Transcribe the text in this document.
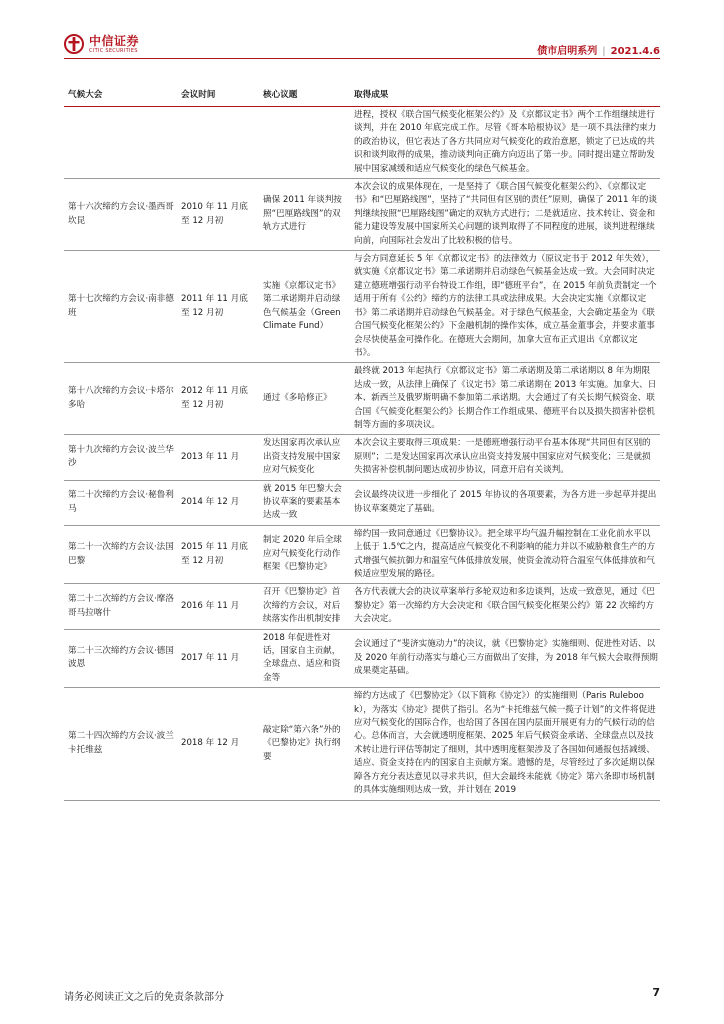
中信证券
CITIC SECURITIES	债市启明系列 | 2021.4.6
气候大会	会议时间	核心议题	取得成果
			进程，授权《联合国气候变化框架公约》及《京都议定书》两个工作组继续进行谈判，并在 2010 年底完成工作。尽管《哥本哈根协议》是一项不具法律约束力的政治协议，但它表达了各方共同应对气候变化的政治意愿，锁定了已达成的共识和谈判取得的成果，推动谈判向正确方向迈出了第一步。同时提出建立帮助发展中国家减缓和适应气候变化的绿色气候基金。
第十六次缔约方会议·墨西哥坎昆	2010 年 11 月底至 12 月初	确保 2011 年谈判按照“巴厘路线图”的双轨方式进行	本次会议的成果体现在，一是坚持了《联合国气候变化框架公约》、《京都议定书》和“巴厘路线图”，坚持了“共同但有区别的责任”原则，确保了 2011 年的谈判继续按照“巴厘路线图”确定的双轨方式进行；二是就适应、技术转让、资金和能力建设等发展中国家所关心问题的谈判取得了不同程度的进展，谈判进程继续向前，向国际社会发出了比较积极的信号。
第十七次缔约方会议·南非德班	2011 年 11 月底至 12 月初	实施《京都议定书》第二承诺期并启动绿色气候基金（Green Climate Fund）	与会方同意延长 5 年《京都议定书》的法律效力（原议定书于 2012 年失效），就实施《京都议定书》第二承诺期并启动绿色气候基金达成一致。大会同时决定建立德班增强行动平台特设工作组，即“德班平台”，在 2015 年前负责制定一个适用于所有《公约》缔约方的法律工具或法律成果。大会决定实施《京都议定书》第二承诺期并启动绿色气候基金。对于绿色气候基金，大会确定基金为《联合国气候变化框架公约》下金融机制的操作实体，成立基金董事会，并要求董事会尽快使基金可操作化。在德班大会期间，加拿大宣布正式退出《京都议定书》。
第十八次缔约方会议·卡塔尔多哈	2012 年 11 月底至 12 月初	通过《多哈修正》	最终就 2013 年起执行《京都议定书》第二承诺期及第二承诺期以 8 年为期限达成一致，从法律上确保了《议定书》第二承诺期在 2013 年实施。加拿大、日本、新西兰及俄罗斯明确不参加第二承诺期。大会通过了有关长期气候资金、联合国《气候变化框架公约》长期合作工作组成果、德班平台以及损失损害补偿机制等方面的多项决议。
第十九次缔约方会议·波兰华沙	2013 年 11 月	发达国家再次承认应出资支持发展中国家应对气候变化	本次会议主要取得三项成果：一是德班增强行动平台基本体现“共同但有区别的原则”；二是发达国家再次承认应出资支持发展中国家应对气候变化；三是就损失损害补偿机制问题达成初步协议，同意开启有关谈判。
第二十次缔约方会议·秘鲁利马	2014 年 12 月	就 2015 年巴黎大会协议草案的要素基本达成一致	会议最终决议进一步细化了 2015 年协议的各项要素，为各方进一步起草并提出协议草案奠定了基础。
第二十一次缔约方会议·法国巴黎	2015 年 11 月底至 12 月初	制定 2020 年后全球应对气候变化行动作框架《巴黎协定》	缔约国一致同意通过《巴黎协议》。把全球平均气温升幅控制在工业化前水平以上低于 1.5℃之内，提高适应气候变化不利影响的能力并以不威胁粮食生产的方式增强气候抗御力和温室气体低排放发展，使资金流动符合温室气体低排放和气候适应型发展的路径。
第二十二次缔约方会议·摩洛哥马拉喀什	2016 年 11 月	召开《巴黎协定》首次缔约方会议，对后续落实作出机制安排	各方代表就大会的决议草案举行多轮双边和多边谈判，达成一致意见，通过《巴黎协定》第一次缔约方大会决定和《联合国气候变化框架公约》第 22 次缔约方大会决定。
第二十三次缔约方会议·德国波恩	2017 年 11 月	2018 年促进性对话，国家自主贡献，全球盘点、适应和资金等	会议通过了“斐济实施动力”的决议，就《巴黎协定》实施细则、促进性对话、以及 2020 年前行动落实与雄心三方面做出了安排，为 2018 年气候大会取得预期成果奠定基础。
第二十四次缔约方会议·波兰卡托维兹	2018 年 12 月	敲定除“第六条”外的《巴黎协定》执行纲要	缔约方达成了《巴黎协定》（以下简称《协定》）的实施细则（Paris Rulebook），为落实《协定》提供了指引。名为“卡托维兹气候一揽子计划”的文件将促进应对气候变化的国际合作，也给国了各国在国内层面开展更有力的气候行动的信心。总体而言，大会就透明度框架、2025 年后气候资金承诺、全球盘点以及技术转让进行评估等制定了细则，其中透明度框架涉及了各国如何通报包括减缓、适应、资金支持在内的国家自主贡献方案。遗憾的是，尽管经过了多次延期以保障各方充分表达意见以寻求共识，但大会最终未能就《协定》第六条即市场机制的具体实施细则达成一致，并计划在 2019
请务必阅读正文之后的免责条款部分	7
